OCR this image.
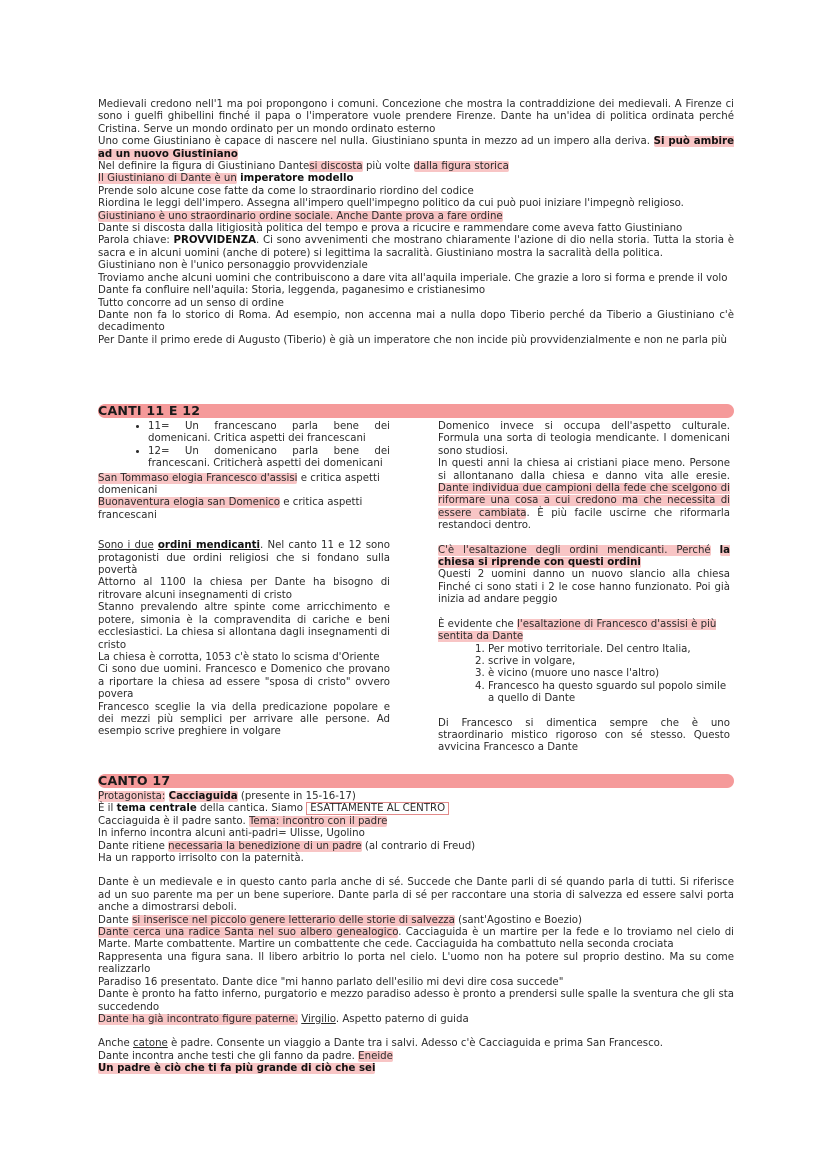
Medievali credono nell'1 ma poi propongono i comuni. Concezione che mostra la contraddizione dei medievali. A Firenze ci sono i guelfi ghibellini finché il papa o l'imperatore vuole prendere Firenze. Dante ha un'idea di politica ordinata perché Cristina. Serve un mondo ordinato per un mondo ordinato esterno

Uno come Giustiniano è capace di nascere nel nulla. Giustiniano spunta in mezzo ad un impero alla deriva. Si può ambire ad un nuovo Giustiniano

Nel definire la figura di Giustiniano Dantesi discosta più volte dalla figura storica

Il Giustiniano di Dante è un imperatore modello

Prende solo alcune cose fatte da come lo straordinario riordino del codice

Riordina le leggi dell'impero. Assegna all'impero quell'impegno politico da cui può puoi iniziare l'impegnò religioso.

Giustiniano è uno straordinario ordine sociale. Anche Dante prova a fare ordine

Dante si discosta dalla litigiosità politica del tempo e prova a ricucire e rammendare come aveva fatto Giustiniano

Parola chiave: PROVVIDENZA. Ci sono avvenimenti che mostrano chiaramente l'azione di dio nella storia. Tutta la storia è sacra e in alcuni uomini (anche di potere) si legittima la sacralità. Giustiniano mostra la sacralità della politica.

Giustiniano non è l'unico personaggio provvidenziale

Troviamo anche alcuni uomini che contribuiscono a dare vita all'aquila imperiale. Che grazie a loro si forma e prende il volo

Dante fa confluire nell'aquila: Storia, leggenda, paganesimo e cristianesimo

Tutto concorre ad un senso di ordine

Dante non fa lo storico di Roma. Ad esempio, non accenna mai a nulla dopo Tiberio perché da Tiberio a Giustiniano c'è decadimento

Per Dante il primo erede di Augusto (Tiberio) è già un imperatore che non incide più provvidenzialmente e non ne parla più

CANTI 11 E 12
• 11= Un francescano parla bene dei domenicani. Critica aspetti dei francescani
• 12= Un domenicano parla bene dei francescani. Criticherà aspetti dei domenicani

San Tommaso elogia Francesco d'assisi e critica aspetti domenicani

Buonaventura elogia san Domenico e critica aspetti francescani

Sono i due ordini mendicanti. Nel canto 11 e 12 sono protagonisti due ordini religiosi che si fondano sulla povertà

Attorno al 1100 la chiesa per Dante ha bisogno di ritrovare alcuni insegnamenti di cristo

Stanno prevalendo altre spinte come arricchimento e potere, simonia è la compravendita di cariche e beni ecclesiastici. La chiesa si allontana dagli insegnamenti di cristo

La chiesa è corrotta, 1053 c'è stato lo scisma d'Oriente

Ci sono due uomini. Francesco e Domenico che provano a riportare la chiesa ad essere "sposa di cristo" ovvero povera

Francesco sceglie la via della predicazione popolare e dei mezzi più semplici per arrivare alle persone. Ad esempio scrive preghiere in volgare

Domenico invece si occupa dell'aspetto culturale. Formula una sorta di teologia mendicante. I domenicani sono studiosi.

In questi anni la chiesa ai cristiani piace meno. Persone si allontanano dalla chiesa e danno vita alle eresie. Dante individua due campioni della fede che scelgono di riformare una cosa a cui credono ma che necessita di essere cambiata. È più facile uscirne che riformarla restandoci dentro.

C'è l'esaltazione degli ordini mendicanti. Perché la chiesa si riprende con questi ordini

Questi 2 uomini danno un nuovo slancio alla chiesa Finché ci sono stati i 2 le cose hanno funzionato. Poi già inizia ad andare peggio

È evidente che l'esaltazione di Francesco d'assisi è più sentita da Dante

1. Per motivo territoriale. Del centro Italia,
2. scrive in volgare,
3. è vicino (muore uno nasce l'altro)
4. Francesco ha questo sguardo sul popolo simile a quello di Dante

Di Francesco si dimentica sempre che è uno straordinario mistico rigoroso con sé stesso. Questo avvicina Francesco a Dante

CANTO 17

Protagonista: Cacciaguida (presente in 15-16-17)

È il tema centrale della cantica. Siamo ESATTAMENTE AL CENTRO

Cacciaguida è il padre santo. Tema: incontro con il padre

In inferno incontra alcuni anti-padri= Ulisse, Ugolino

Dante ritiene necessaria la benedizione di un padre (al contrario di Freud)

Ha un rapporto irrisolto con la paternità.

Dante è un medievale e in questo canto parla anche di sé. Succede che Dante parli di sé quando parla di tutti. Si riferisce ad un suo parente ma per un bene superiore. Dante parla di sé per raccontare una storia di salvezza ed essere salvi porta anche a dimostrarsi deboli.

Dante si inserisce nel piccolo genere letterario delle storie di salvezza (sant'Agostino e Boezio)

Dante cerca una radice Santa nel suo albero genealogico. Cacciaguida è un martire per la fede e lo troviamo nel cielo di Marte. Marte combattente. Martire un combattente che cede. Cacciaguida ha combattuto nella seconda crociata

Rappresenta una figura sana. Il libero arbitrio lo porta nel cielo. L'uomo non ha potere sul proprio destino. Ma su come realizzarlo

Paradiso 16 presentato. Dante dice "mi hanno parlato dell'esilio mi devi dire cosa succede"

Dante è pronto ha fatto inferno, purgatorio e mezzo paradiso adesso è pronto a prendersi sulle spalle la sventura che gli sta succedendo

Dante ha già incontrato figure paterne. Virgilio. Aspetto paterno di guida

Anche catone è padre. Consente un viaggio a Dante tra i salvi. Adesso c'è Cacciaguida e prima San Francesco.

Dante incontra anche testi che gli fanno da padre. Eneide

Un padre è ciò che ti fa più grande di ciò che sei
